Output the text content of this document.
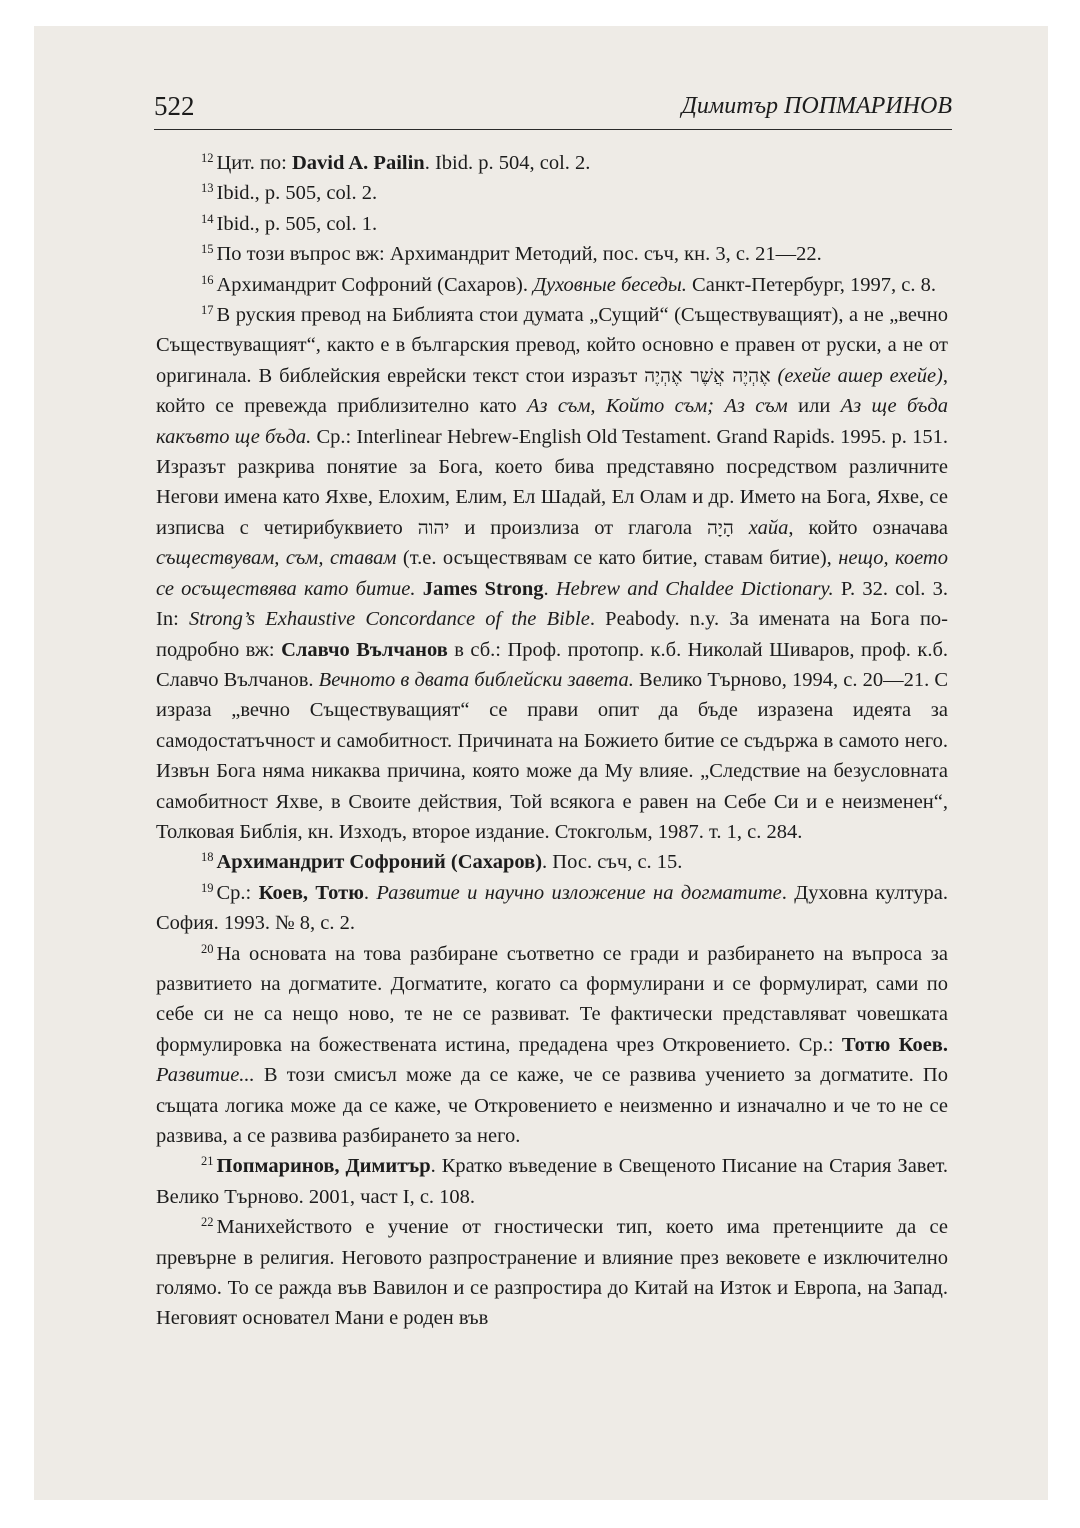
522	Димитър ПОПМАРИНОВ

$^{12}$ Цит. по: David A. Pailin. Ibid. p. 504, col. 2.

$^{13}$ Ibid., p. 505, col. 2.

$^{14}$ Ibid., p. 505, col. 1.

$^{15}$ По този въпрос вж: Архимандрит Методий, пос. съч, кн. 3, с. 21—22.

$^{16}$ Архимандрит Софроний (Сахаров). Духовные беседы. Санкт-Петербург, 1997, с. 8.

$^{17}$ В руския превод на Библията стои думата „Сущий“ (Съществуващият), а не „вечно Съществуващият“, както е в българския превод, който основно е правен от руски, а не от оригинала. В библейския еврейски текст стои изразът אֶהְיֶה אֲשֶׁר אֶהְיֶה (ехейе ашер ехейе), който се превежда приблизително като Аз съм, Който съм; Аз съм или Аз ще бъда какъвто ще бъда. Ср.: Interlinear Hebrew-English Old Testament. Grand Rapids. 1995. p. 151. Изразът разкрива понятие за Бога, което бива представяно посредством различните Негови имена като Яхве, Елохим, Елим, Ел Шадай, Ел Олам и др. Името на Бога, Яхве, се изписва с четирибуквието יהוה и произлиза от глагола הָיָה хайа, който означава съществувам, съм, ставам (т.е. осъществявам се като битие, ставам битие), нещо, което се осъществява като битие. James Strong. Hebrew and Chaldee Dictionary. P. 32. col. 3. In: Strong’s Exhaustive Concordance of the Bible. Peabody. n.y. За имената на Бога по-подробно вж: Славчо Вълчанов в сб.: Проф. протопр. к.б. Николай Шиваров, проф. к.б. Славчо Вълчанов. Вечното в двата библейски завета. Велико Търново, 1994, с. 20—21. С израза „вечно Съществуващият“ се прави опит да бъде изразена идеята за самодостатъчност и самобитност. Причината на Божието битие се съдържа в самото него. Извън Бога няма никаква причина, която може да Му влияе. „Следствие на безусловната самобитност Яхве, в Своите действия, Той всякога е равен на Себе Си и е неизменен“, Толковая Библія, кн. Изходъ, второе издание. Стокгольм, 1987. т. 1, с. 284.

$^{18}$ Архимандрит Софроний (Сахаров). Пос. съч, с. 15.

$^{19}$ Ср.: Коев, Тотю. Развитие и научно изложение на догматите. Духовна култура. София. 1993. № 8, с. 2.

$^{20}$ На основата на това разбиране съответно се гради и разбирането на въпроса за развитието на догматите. Догматите, когато са формулирани и се формулират, сами по себе си не са нещо ново, те не се развиват. Те фактически представляват човешката формулировка на божествената истина, предадена чрез Откровението. Ср.: Тотю Коев. Развитие... В този смисъл може да се каже, че се развива учението за догматите. По същата логика може да се каже, че Откровението е неизменно и изначално и че то не се развива, а се развива разбирането за него.

$^{21}$ Попмаринов, Димитър. Кратко въведение в Свещеното Писание на Стария Завет. Велико Търново. 2001, част I, с. 108.

$^{22}$ Манихейството е учение от гностически тип, което има претенциите да се превърне в религия. Неговото разпространение и влияние през вековете е изключително голямо. То се ражда във Вавилон и се разпростира до Китай на Изток и Европа, на Запад. Неговият основател Мани е роден във
